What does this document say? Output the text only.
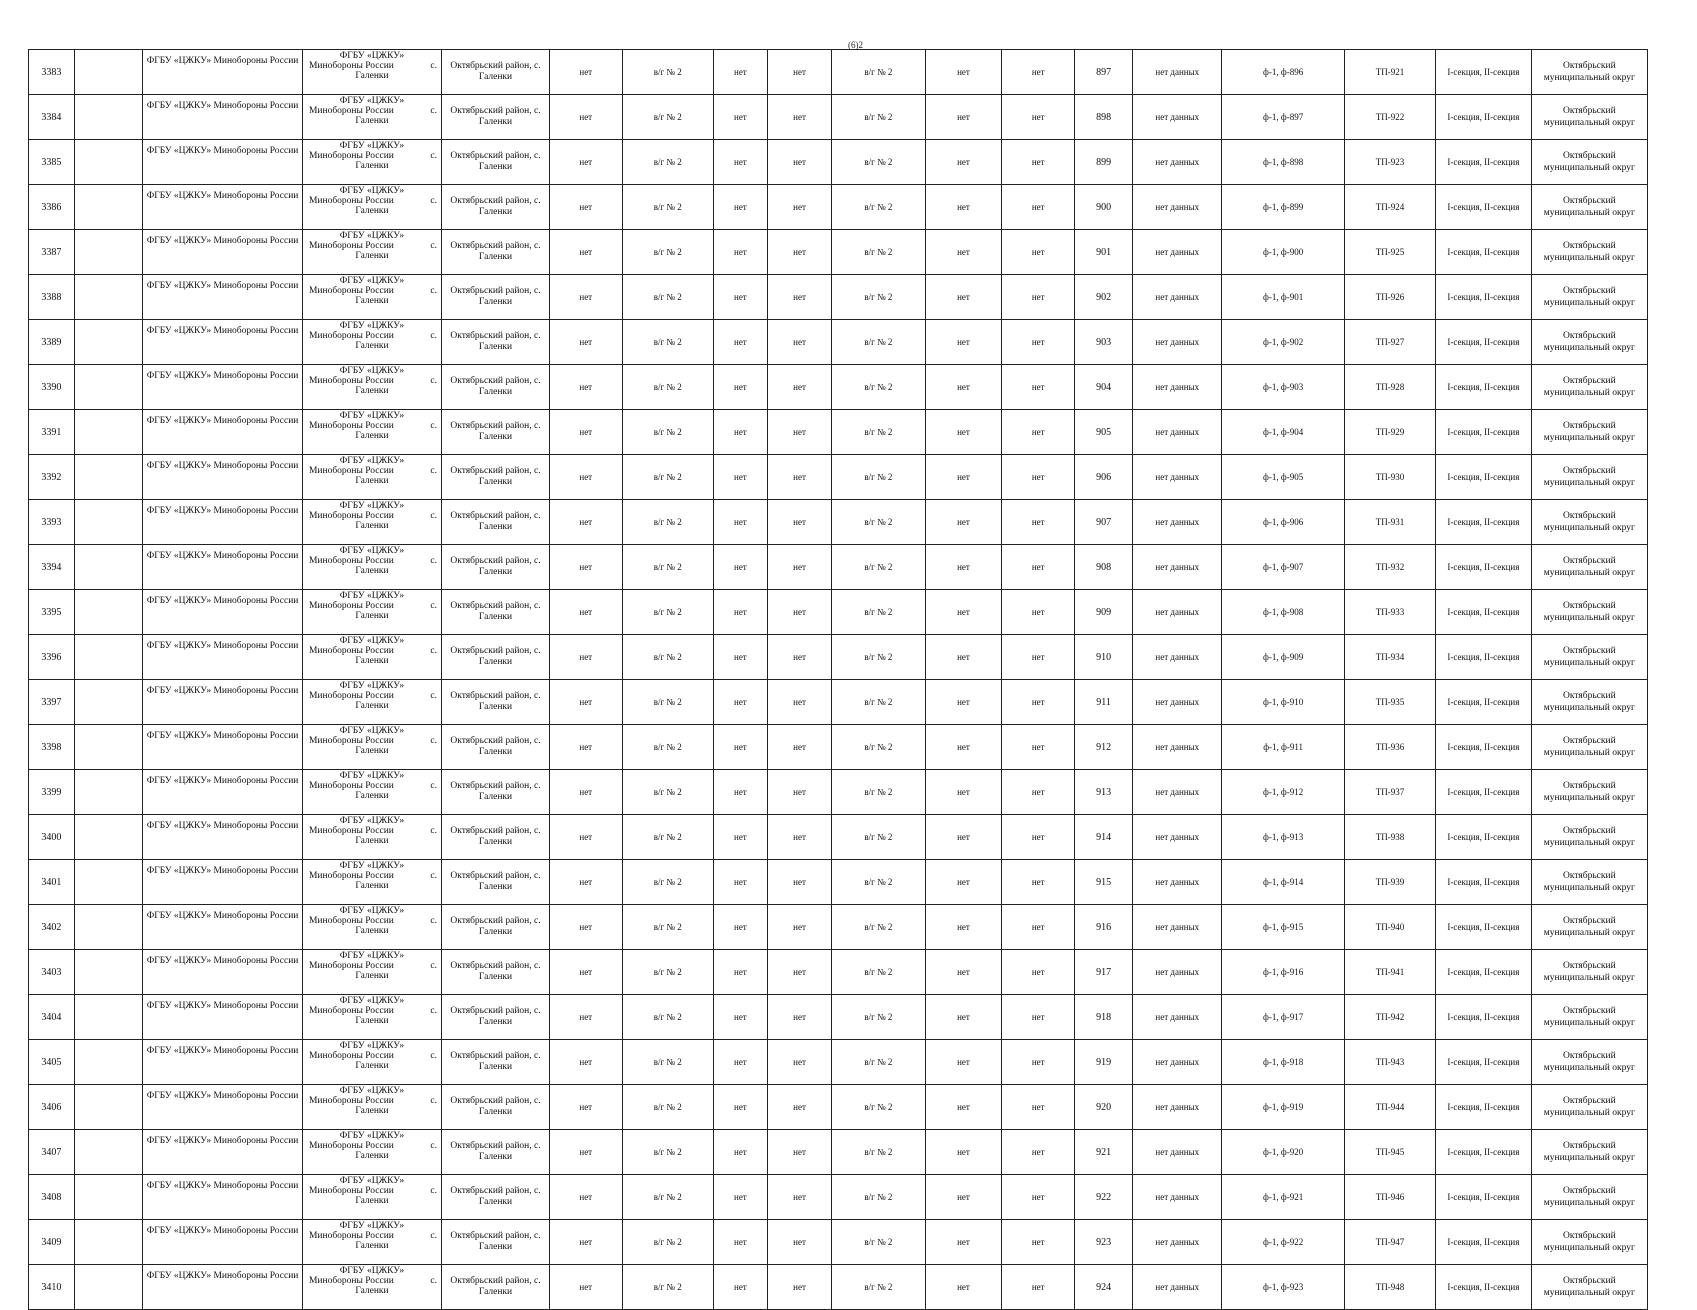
(6)2
3383		ФГБУ «ЦЖКУ» Минобороны России	ФГБУ «ЦЖКУ»
Минобороны России с.
Галенки	Октябрьский район, с. Галенки	нет	в/г № 2	нет	нет	в/г № 2	нет	нет	897	нет данных	ф-1, ф-896	ТП-921	I-секция, II-секция	Октябрьский муниципальный округ
3384		ФГБУ «ЦЖКУ» Минобороны России	ФГБУ «ЦЖКУ»
Минобороны России с.
Галенки	Октябрьский район, с. Галенки	нет	в/г № 2	нет	нет	в/г № 2	нет	нет	898	нет данных	ф-1, ф-897	ТП-922	I-секция, II-секция	Октябрьский муниципальный округ
3385		ФГБУ «ЦЖКУ» Минобороны России	ФГБУ «ЦЖКУ»
Минобороны России с.
Галенки	Октябрьский район, с. Галенки	нет	в/г № 2	нет	нет	в/г № 2	нет	нет	899	нет данных	ф-1, ф-898	ТП-923	I-секция, II-секция	Октябрьский муниципальный округ
3386		ФГБУ «ЦЖКУ» Минобороны России	ФГБУ «ЦЖКУ»
Минобороны России с.
Галенки	Октябрьский район, с. Галенки	нет	в/г № 2	нет	нет	в/г № 2	нет	нет	900	нет данных	ф-1, ф-899	ТП-924	I-секция, II-секция	Октябрьский муниципальный округ
3387		ФГБУ «ЦЖКУ» Минобороны России	ФГБУ «ЦЖКУ»
Минобороны России с.
Галенки	Октябрьский район, с. Галенки	нет	в/г № 2	нет	нет	в/г № 2	нет	нет	901	нет данных	ф-1, ф-900	ТП-925	I-секция, II-секция	Октябрьский муниципальный округ
3388		ФГБУ «ЦЖКУ» Минобороны России	ФГБУ «ЦЖКУ»
Минобороны России с.
Галенки	Октябрьский район, с. Галенки	нет	в/г № 2	нет	нет	в/г № 2	нет	нет	902	нет данных	ф-1, ф-901	ТП-926	I-секция, II-секция	Октябрьский муниципальный округ
3389		ФГБУ «ЦЖКУ» Минобороны России	ФГБУ «ЦЖКУ»
Минобороны России с.
Галенки	Октябрьский район, с. Галенки	нет	в/г № 2	нет	нет	в/г № 2	нет	нет	903	нет данных	ф-1, ф-902	ТП-927	I-секция, II-секция	Октябрьский муниципальный округ
3390		ФГБУ «ЦЖКУ» Минобороны России	ФГБУ «ЦЖКУ»
Минобороны России с.
Галенки	Октябрьский район, с. Галенки	нет	в/г № 2	нет	нет	в/г № 2	нет	нет	904	нет данных	ф-1, ф-903	ТП-928	I-секция, II-секция	Октябрьский муниципальный округ
3391		ФГБУ «ЦЖКУ» Минобороны России	ФГБУ «ЦЖКУ»
Минобороны России с.
Галенки	Октябрьский район, с. Галенки	нет	в/г № 2	нет	нет	в/г № 2	нет	нет	905	нет данных	ф-1, ф-904	ТП-929	I-секция, II-секция	Октябрьский муниципальный округ
3392		ФГБУ «ЦЖКУ» Минобороны России	ФГБУ «ЦЖКУ»
Минобороны России с.
Галенки	Октябрьский район, с. Галенки	нет	в/г № 2	нет	нет	в/г № 2	нет	нет	906	нет данных	ф-1, ф-905	ТП-930	I-секция, II-секция	Октябрьский муниципальный округ
3393		ФГБУ «ЦЖКУ» Минобороны России	ФГБУ «ЦЖКУ»
Минобороны России с.
Галенки	Октябрьский район, с. Галенки	нет	в/г № 2	нет	нет	в/г № 2	нет	нет	907	нет данных	ф-1, ф-906	ТП-931	I-секция, II-секция	Октябрьский муниципальный округ
3394		ФГБУ «ЦЖКУ» Минобороны России	ФГБУ «ЦЖКУ»
Минобороны России с.
Галенки	Октябрьский район, с. Галенки	нет	в/г № 2	нет	нет	в/г № 2	нет	нет	908	нет данных	ф-1, ф-907	ТП-932	I-секция, II-секция	Октябрьский муниципальный округ
3395		ФГБУ «ЦЖКУ» Минобороны России	ФГБУ «ЦЖКУ»
Минобороны России с.
Галенки	Октябрьский район, с. Галенки	нет	в/г № 2	нет	нет	в/г № 2	нет	нет	909	нет данных	ф-1, ф-908	ТП-933	I-секция, II-секция	Октябрьский муниципальный округ
3396		ФГБУ «ЦЖКУ» Минобороны России	ФГБУ «ЦЖКУ»
Минобороны России с.
Галенки	Октябрьский район, с. Галенки	нет	в/г № 2	нет	нет	в/г № 2	нет	нет	910	нет данных	ф-1, ф-909	ТП-934	I-секция, II-секция	Октябрьский муниципальный округ
3397		ФГБУ «ЦЖКУ» Минобороны России	ФГБУ «ЦЖКУ»
Минобороны России с.
Галенки	Октябрьский район, с. Галенки	нет	в/г № 2	нет	нет	в/г № 2	нет	нет	911	нет данных	ф-1, ф-910	ТП-935	I-секция, II-секция	Октябрьский муниципальный округ
3398		ФГБУ «ЦЖКУ» Минобороны России	ФГБУ «ЦЖКУ»
Минобороны России с.
Галенки	Октябрьский район, с. Галенки	нет	в/г № 2	нет	нет	в/г № 2	нет	нет	912	нет данных	ф-1, ф-911	ТП-936	I-секция, II-секция	Октябрьский муниципальный округ
3399		ФГБУ «ЦЖКУ» Минобороны России	ФГБУ «ЦЖКУ»
Минобороны России с.
Галенки	Октябрьский район, с. Галенки	нет	в/г № 2	нет	нет	в/г № 2	нет	нет	913	нет данных	ф-1, ф-912	ТП-937	I-секция, II-секция	Октябрьский муниципальный округ
3400		ФГБУ «ЦЖКУ» Минобороны России	ФГБУ «ЦЖКУ»
Минобороны России с.
Галенки	Октябрьский район, с. Галенки	нет	в/г № 2	нет	нет	в/г № 2	нет	нет	914	нет данных	ф-1, ф-913	ТП-938	I-секция, II-секция	Октябрьский муниципальный округ
3401		ФГБУ «ЦЖКУ» Минобороны России	ФГБУ «ЦЖКУ»
Минобороны России с.
Галенки	Октябрьский район, с. Галенки	нет	в/г № 2	нет	нет	в/г № 2	нет	нет	915	нет данных	ф-1, ф-914	ТП-939	I-секция, II-секция	Октябрьский муниципальный округ
3402		ФГБУ «ЦЖКУ» Минобороны России	ФГБУ «ЦЖКУ»
Минобороны России с.
Галенки	Октябрьский район, с. Галенки	нет	в/г № 2	нет	нет	в/г № 2	нет	нет	916	нет данных	ф-1, ф-915	ТП-940	I-секция, II-секция	Октябрьский муниципальный округ
3403		ФГБУ «ЦЖКУ» Минобороны России	ФГБУ «ЦЖКУ»
Минобороны России с.
Галенки	Октябрьский район, с. Галенки	нет	в/г № 2	нет	нет	в/г № 2	нет	нет	917	нет данных	ф-1, ф-916	ТП-941	I-секция, II-секция	Октябрьский муниципальный округ
3404		ФГБУ «ЦЖКУ» Минобороны России	ФГБУ «ЦЖКУ»
Минобороны России с.
Галенки	Октябрьский район, с. Галенки	нет	в/г № 2	нет	нет	в/г № 2	нет	нет	918	нет данных	ф-1, ф-917	ТП-942	I-секция, II-секция	Октябрьский муниципальный округ
3405		ФГБУ «ЦЖКУ» Минобороны России	ФГБУ «ЦЖКУ»
Минобороны России с.
Галенки	Октябрьский район, с. Галенки	нет	в/г № 2	нет	нет	в/г № 2	нет	нет	919	нет данных	ф-1, ф-918	ТП-943	I-секция, II-секция	Октябрьский муниципальный округ
3406		ФГБУ «ЦЖКУ» Минобороны России	ФГБУ «ЦЖКУ»
Минобороны России с.
Галенки	Октябрьский район, с. Галенки	нет	в/г № 2	нет	нет	в/г № 2	нет	нет	920	нет данных	ф-1, ф-919	ТП-944	I-секция, II-секция	Октябрьский муниципальный округ
3407		ФГБУ «ЦЖКУ» Минобороны России	ФГБУ «ЦЖКУ»
Минобороны России с.
Галенки	Октябрьский район, с. Галенки	нет	в/г № 2	нет	нет	в/г № 2	нет	нет	921	нет данных	ф-1, ф-920	ТП-945	I-секция, II-секция	Октябрьский муниципальный округ
3408		ФГБУ «ЦЖКУ» Минобороны России	ФГБУ «ЦЖКУ»
Минобороны России с.
Галенки	Октябрьский район, с. Галенки	нет	в/г № 2	нет	нет	в/г № 2	нет	нет	922	нет данных	ф-1, ф-921	ТП-946	I-секция, II-секция	Октябрьский муниципальный округ
3409		ФГБУ «ЦЖКУ» Минобороны России	ФГБУ «ЦЖКУ»
Минобороны России с.
Галенки	Октябрьский район, с. Галенки	нет	в/г № 2	нет	нет	в/г № 2	нет	нет	923	нет данных	ф-1, ф-922	ТП-947	I-секция, II-секция	Октябрьский муниципальный округ
3410		ФГБУ «ЦЖКУ» Минобороны России	ФГБУ «ЦЖКУ»
Минобороны России с.
Галенки	Октябрьский район, с. Галенки	нет	в/г № 2	нет	нет	в/г № 2	нет	нет	924	нет данных	ф-1, ф-923	ТП-948	I-секция, II-секция	Октябрьский муниципальный округ
